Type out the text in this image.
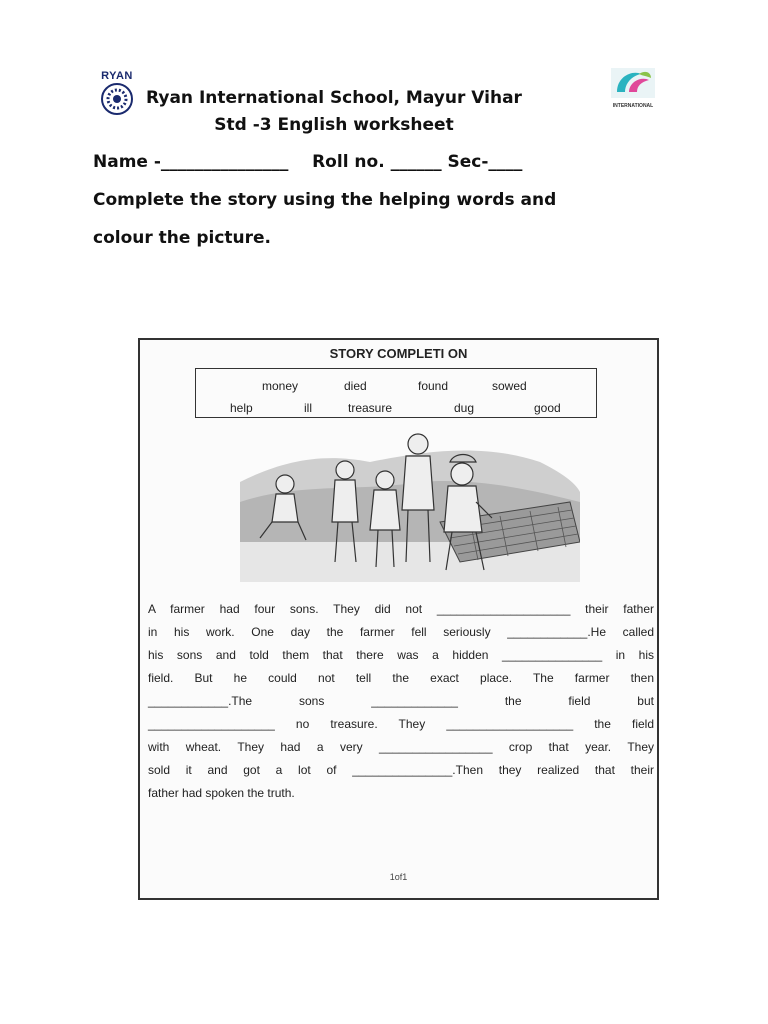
RYAN
INTERNATIONAL
Ryan International School, Mayur Vihar
Std -3 English worksheet
Name -_______________    Roll no. ______ Sec-____
Complete the story using the helping words and
colour the picture.
STORY COMPLETI ON
money	died	found	sowed
help	ill	treasure	dug	good
A farmer had four sons. They did not ____________________ their father
in his work. One day the farmer fell seriously ____________.He called
his sons and told them that there was a hidden _______________ in his
field. But he could not tell the exact place. The farmer then
____________.The sons _____________ the field but
___________________ no treasure. They ___________________ the field
with wheat. They had a very _________________ crop that year. They
sold it and got a lot of _______________.Then they realized that their
father had spoken the truth.
1of1
